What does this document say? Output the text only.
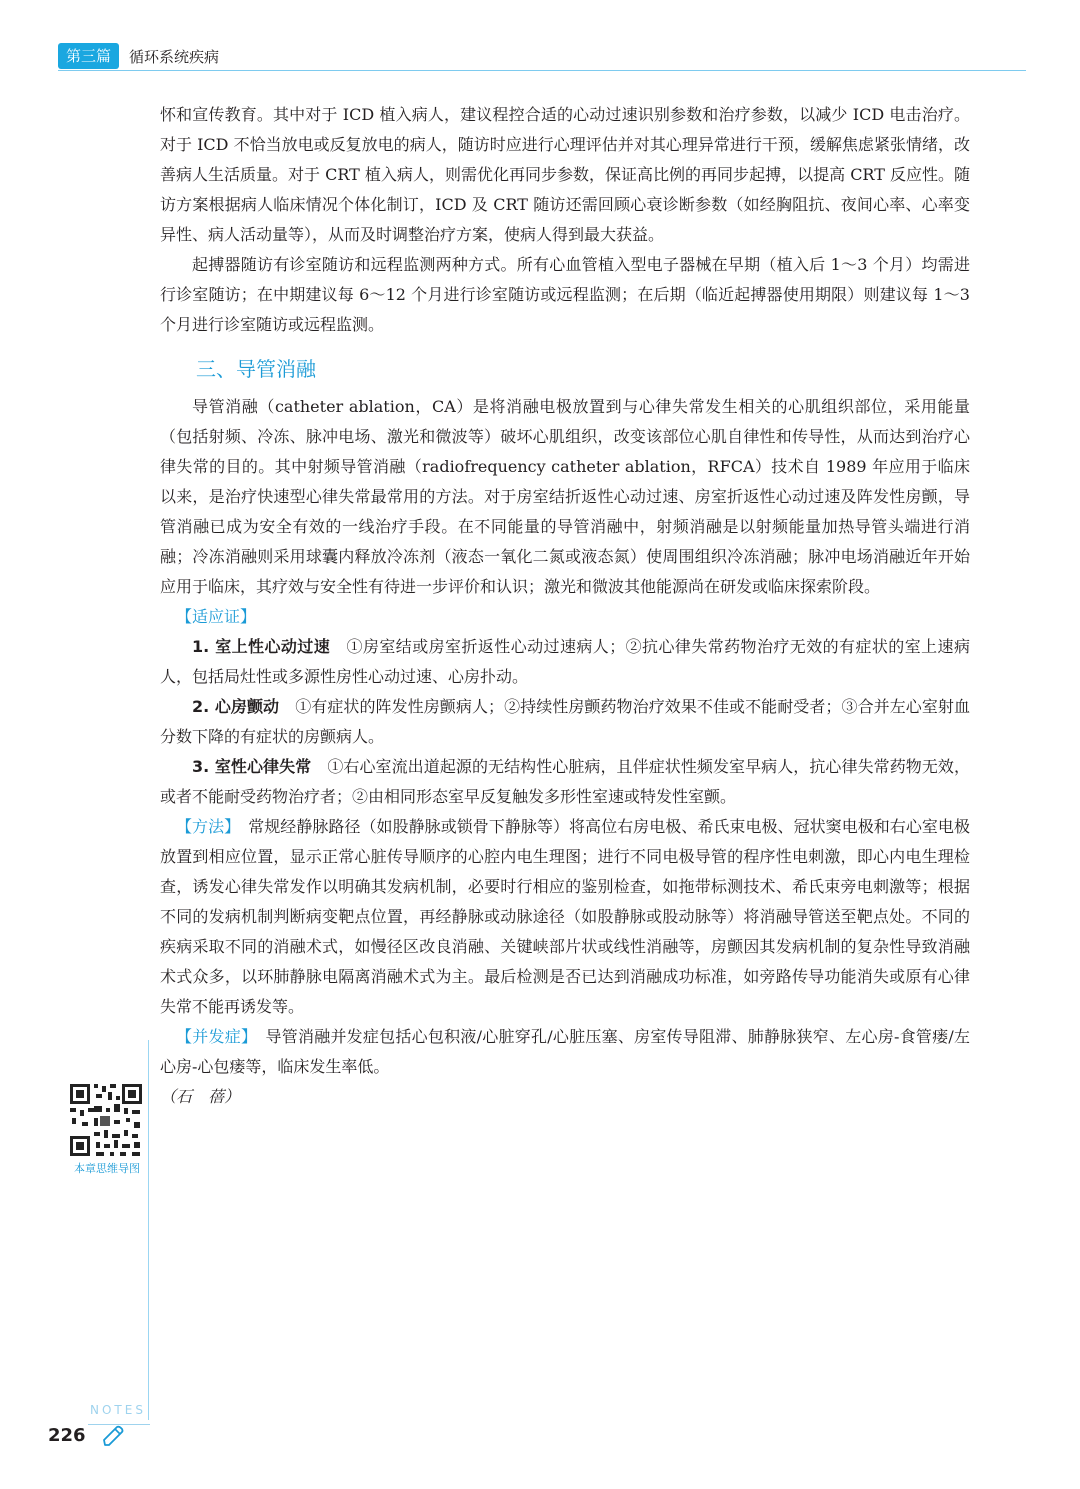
第三篇	循环系统疾病

怀和宣传教育。其中对于 ICD 植入病人，建议程控合适的心动过速识别参数和治疗参数，以减少 ICD 电击治疗。对于 ICD 不恰当放电或反复放电的病人，随访时应进行心理评估并对其心理异常进行干预，缓解焦虑紧张情绪，改善病人生活质量。对于 CRT 植入病人，则需优化再同步参数，保证高比例的再同步起搏，以提高 CRT 反应性。随访方案根据病人临床情况个体化制订，ICD 及 CRT 随访还需回顾心衰诊断参数（如经胸阻抗、夜间心率、心率变异性、病人活动量等），从而及时调整治疗方案，使病人得到最大获益。

起搏器随访有诊室随访和远程监测两种方式。所有心血管植入型电子器械在早期（植入后 1～3 个月）均需进行诊室随访；在中期建议每 6～12 个月进行诊室随访或远程监测；在后期（临近起搏器使用期限）则建议每 1～3 个月进行诊室随访或远程监测。

三、导管消融

导管消融（catheter ablation，CA）是将消融电极放置到与心律失常发生相关的心肌组织部位，采用能量（包括射频、冷冻、脉冲电场、激光和微波等）破坏心肌组织，改变该部位心肌自律性和传导性，从而达到治疗心律失常的目的。其中射频导管消融（radiofrequency catheter ablation，RFCA）技术自 1989 年应用于临床以来，是治疗快速型心律失常最常用的方法。对于房室结折返性心动过速、房室折返性心动过速及阵发性房颤，导管消融已成为安全有效的一线治疗手段。在不同能量的导管消融中，射频消融是以射频能量加热导管头端进行消融；冷冻消融则采用球囊内释放冷冻剂（液态一氧化二氮或液态氮）使周围组织冷冻消融；脉冲电场消融近年开始应用于临床，其疗效与安全性有待进一步评价和认识；激光和微波其他能源尚在研发或临床探索阶段。

【适应证】

1. 室上性心动过速　 ①房室结或房室折返性心动过速病人；②抗心律失常药物治疗无效的有症状的室上速病人，包括局灶性或多源性房性心动过速、心房扑动。

2. 心房颤动　 ①有症状的阵发性房颤病人；②持续性房颤药物治疗效果不佳或不能耐受者；③合并左心室射血分数下降的有症状的房颤病人。

3. 室性心律失常　 ①右心室流出道起源的无结构性心脏病，且伴症状性频发室早病人，抗心律失常药物无效，或者不能耐受药物治疗者；②由相同形态室早反复触发多形性室速或特发性室颤。

【方法】　 常规经静脉路径（如股静脉或锁骨下静脉等）将高位右房电极、希氏束电极、冠状窦电极和右心室电极放置到相应位置，显示正常心脏传导顺序的心腔内电生理图；进行不同电极导管的程序性电刺激，即心内电生理检查，诱发心律失常发作以明确其发病机制，必要时行相应的鉴别检查，如拖带标测技术、希氏束旁电刺激等；根据不同的发病机制判断病变靶点位置，再经静脉或动脉途径（如股静脉或股动脉等）将消融导管送至靶点处。不同的疾病采取不同的消融术式，如慢径区改良消融、关键峡部片状或线性消融等，房颤因其发病机制的复杂性导致消融术式众多，以环肺静脉电隔离消融术式为主。最后检测是否已达到消融成功标准，如旁路传导功能消失或原有心律失常不能再诱发等。

【并发症】　 导管消融并发症包括心包积液/心脏穿孔/心脏压塞、房室传导阻滞、肺静脉狭窄、左心房-食管瘘/左心房-心包瘘等，临床发生率低。

（石　蓓）

本章思维导图
NOTES
226
